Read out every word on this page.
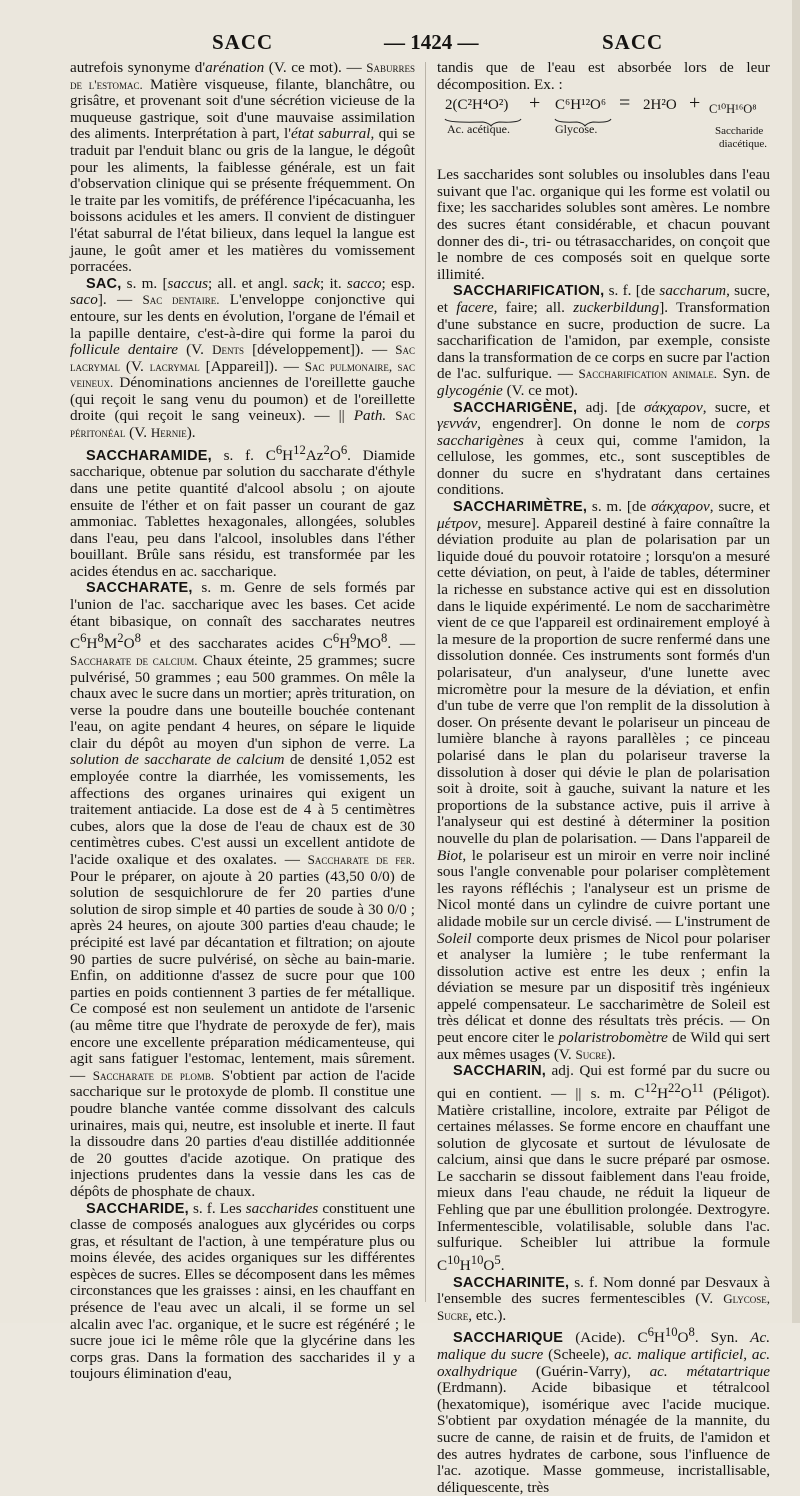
SACC	— 1424 —	SACC

autrefois synonyme d'arénation (V. ce mot). — Saburres de l'estomac. Matière visqueuse, filante, blanchâtre, ou grisâtre, et provenant soit d'une sécrétion vicieuse de la muqueuse gastrique, soit d'une mauvaise assimilation des aliments. Interprétation à part, l'état saburral, qui se traduit par l'enduit blanc ou gris de la langue, le dégoût pour les aliments, la faiblesse générale, est un fait d'observation clinique qui se présente fréquemment. On le traite par les vomitifs, de préférence l'ipécacuanha, les boissons acidules et les amers. Il convient de distinguer l'état saburral de l'état bilieux, dans lequel la langue est jaune, le goût amer et les matières du vomissement porracées.

SAC, s. m. [saccus; all. et angl. sack; it. sacco; esp. saco]. — Sac dentaire. L'enveloppe conjonctive qui entoure, sur les dents en évolution, l'organe de l'émail et la papille dentaire, c'est-à-dire qui forme la paroi du follicule dentaire (V. Dents [développement]). — Sac lacrymal (V. lacrymal [Appareil]). — Sac pulmonaire, sac veineux. Dénominations anciennes de l'oreillette gauche (qui reçoit le sang venu du poumon) et de l'oreillette droite (qui reçoit le sang veineux). — || Path. Sac péritonéal (V. Hernie).

SACCHARAMIDE, s. f. $C^6H^{12}Az^2O^6$. Diamide saccharique, obtenue par solution du saccharate d'éthyle dans une petite quantité d'alcool absolu ; on ajoute ensuite de l'éther et on fait passer un courant de gaz ammoniac. Tablettes hexagonales, allongées, solubles dans l'eau, peu dans l'alcool, insolubles dans l'éther bouillant. Brûle sans résidu, est transformée par les acides étendus en ac. saccharique.

SACCHARATE, s. m. Genre de sels formés par l'union de l'ac. saccharique avec les bases. Cet acide étant bibasique, on connaît des saccharates neutres $C^6H^8M^2O^8$ et des saccharates acides $C^6H^9MO^8$. — Saccharate de calcium. Chaux éteinte, 25 grammes; sucre pulvérisé, 50 grammes ; eau 500 grammes. On mêle la chaux avec le sucre dans un mortier; après trituration, on verse la poudre dans une bouteille bouchée contenant l'eau, on agite pendant 4 heures, on sépare le liquide clair du dépôt au moyen d'un siphon de verre. La solution de saccharate de calcium de densité 1,052 est employée contre la diarrhée, les vomissements, les affections des organes urinaires qui exigent un traitement antiacide. La dose est de 4 à 5 centimètres cubes, alors que la dose de l'eau de chaux est de 30 centimètres cubes. C'est aussi un excellent antidote de l'acide oxalique et des oxalates. — Saccharate de fer. Pour le préparer, on ajoute à 20 parties (43,50 0/0) de solution de sesquichlorure de fer 20 parties d'une solution de sirop simple et 40 parties de soude à 30 0/0 ; après 24 heures, on ajoute 300 parties d'eau chaude; le précipité est lavé par décantation et filtration; on ajoute 90 parties de sucre pulvérisé, on sèche au bain-marie. Enfin, on additionne d'assez de sucre pour que 100 parties en poids contiennent 3 parties de fer métallique. Ce composé est non seulement un antidote de l'arsenic (au même titre que l'hydrate de peroxyde de fer), mais encore une excellente préparation médicamenteuse, qui agit sans fatiguer l'estomac, lentement, mais sûrement. — Saccharate de plomb. S'obtient par action de l'acide saccharique sur le protoxyde de plomb. Il constitue une poudre blanche vantée comme dissolvant des calculs urinaires, mais qui, neutre, est insoluble et inerte. Il faut la dissoudre dans 20 parties d'eau distillée additionnée de 20 gouttes d'acide azotique. On pratique des injections prudentes dans la vessie dans les cas de dépôts de phosphate de chaux.

SACCHARIDE, s. f. Les saccharides constituent une classe de composés analogues aux glycérides ou corps gras, et résultant de l'action, à une température plus ou moins élevée, des acides organiques sur les différentes espèces de sucres. Elles se décomposent dans les mêmes circonstances que les graisses : ainsi, en les chauffant en présence de l'eau avec un alcali, il se forme un sel alcalin avec l'ac. organique, et le sucre est régénéré ; le sucre joue ici le même rôle que la glycérine dans les corps gras. Dans la formation des saccharides il y a toujours élimination d'eau,

tandis que de l'eau est absorbée lors de leur décomposition. Ex. :

2(C²H⁴O²) + C⁶H¹²O⁶ = 2H²O + C¹⁰H¹⁶O⁸
Ac. acétique.	Glycose.	Saccharide
diacétique.

Les saccharides sont solubles ou insolubles dans l'eau suivant que l'ac. organique qui les forme est volatil ou fixe; les saccharides solubles sont amères. Le nombre des sucres étant considérable, et chacun pouvant donner des di-, tri- ou tétrasaccharides, on conçoit que le nombre de ces composés soit en quelque sorte illimité.

SACCHARIFICATION, s. f. [de saccharum, sucre, et facere, faire; all. zuckerbildung]. Transformation d'une substance en sucre, production de sucre. La saccharification de l'amidon, par exemple, consiste dans la transformation de ce corps en sucre par l'action de l'ac. sulfurique. — Saccharification animale. Syn. de glycogénie (V. ce mot).

SACCHARIGÈNE, adj. [de σάκχαρον, sucre, et γεννάν, engendrer]. On donne le nom de corps saccharigènes à ceux qui, comme l'amidon, la cellulose, les gommes, etc., sont susceptibles de donner du sucre en s'hydratant dans certaines conditions.

SACCHARIMÈTRE, s. m. [de σάκχαρον, sucre, et μέτρον, mesure]. Appareil destiné à faire connaître la déviation produite au plan de polarisation par un liquide doué du pouvoir rotatoire ; lorsqu'on a mesuré cette déviation, on peut, à l'aide de tables, déterminer la richesse en substance active qui est en dissolution dans le liquide expérimenté. Le nom de saccharimètre vient de ce que l'appareil est ordinairement employé à la mesure de la proportion de sucre renfermé dans une dissolution donnée. Ces instruments sont formés d'un polarisateur, d'un analyseur, d'une lunette avec micromètre pour la mesure de la déviation, et enfin d'un tube de verre que l'on remplit de la dissolution à doser. On présente devant le polariseur un pinceau de lumière blanche à rayons parallèles ; ce pinceau polarisé dans le plan du polariseur traverse la dissolution à doser qui dévie le plan de polarisation soit à droite, soit à gauche, suivant la nature et les proportions de la substance active, puis il arrive à l'analyseur qui est destiné à déterminer la position nouvelle du plan de polarisation. — Dans l'appareil de Biot, le polariseur est un miroir en verre noir incliné sous l'angle convenable pour polariser complètement les rayons réfléchis ; l'analyseur est un prisme de Nicol monté dans un cylindre de cuivre portant une alidade mobile sur un cercle divisé. — L'instrument de Soleil comporte deux prismes de Nicol pour polariser et analyser la lumière ; le tube renfermant la dissolution active est entre les deux ; enfin la déviation se mesure par un dispositif très ingénieux appelé compensateur. Le saccharimètre de Soleil est très délicat et donne des résultats très précis. — On peut encore citer le polaristrobomètre de Wild qui sert aux mêmes usages (V. Sucre).

SACCHARIN, adj. Qui est formé par du sucre ou qui en contient. — || s. m. $C^{12}H^{22}O^{11}$ (Péligot). Matière cristalline, incolore, extraite par Péligot de certaines mélasses. Se forme encore en chauffant une solution de glycosate et surtout de lévulosate de calcium, ainsi que dans le sucre préparé par osmose. Le saccharin se dissout faiblement dans l'eau froide, mieux dans l'eau chaude, ne réduit la liqueur de Fehling que par une ébullition prolongée. Dextrogyre. Infermentescible, volatilisable, soluble dans l'ac. sulfurique. Scheibler lui attribue la formule $C^{10}H^{10}O^5$.

SACCHARINITE, s. f. Nom donné par Desvaux à l'ensemble des sucres fermentescibles (V. Glycose, Sucre, etc.).

SACCHARIQUE (Acide). $C^6H^{10}O^8$. Syn. Ac. malique du sucre (Scheele), ac. malique artificiel, ac. oxalhydrique (Guérin-Varry), ac. métatartrique (Erdmann). Acide bibasique et tétralcool (hexatomique), isomérique avec l'acide mucique. S'obtient par oxydation ménagée de la mannite, du sucre de canne, de raisin et de fruits, de l'amidon et des autres hydrates de carbone, sous l'influence de l'ac. azotique. Masse gommeuse, incristallisable, déliquescente, très
